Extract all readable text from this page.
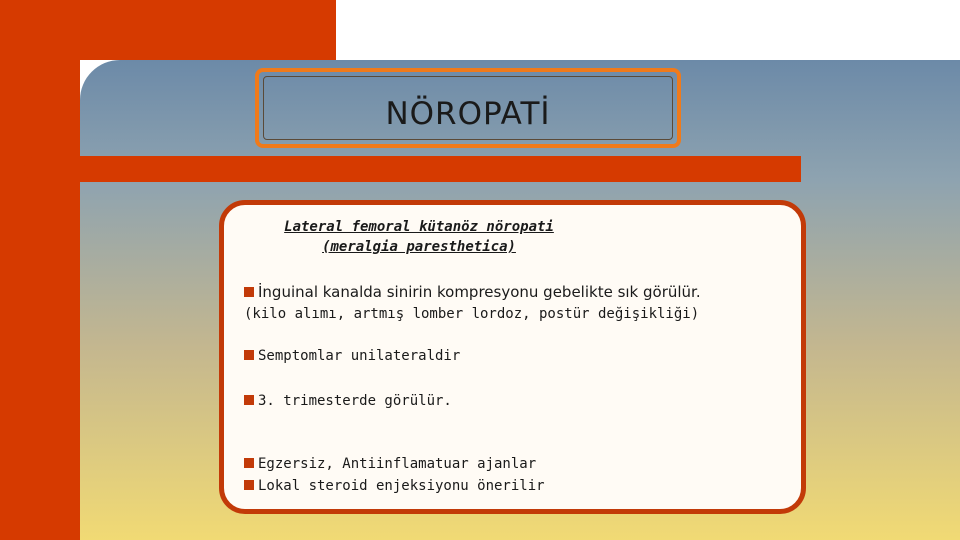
NÖROPATİ
Lateral femoral kütanöz nöropati
(meralgia paresthetica)
İnguinal kanalda sinirin kompresyonu gebelikte sık görülür.
(kilo alımı, artmış lomber lordoz, postür değişikliği)
Semptomlar unilateraldir
3. trimesterde görülür.
Egzersiz, Antiinflamatuar ajanlar
Lokal steroid enjeksiyonu önerilir
